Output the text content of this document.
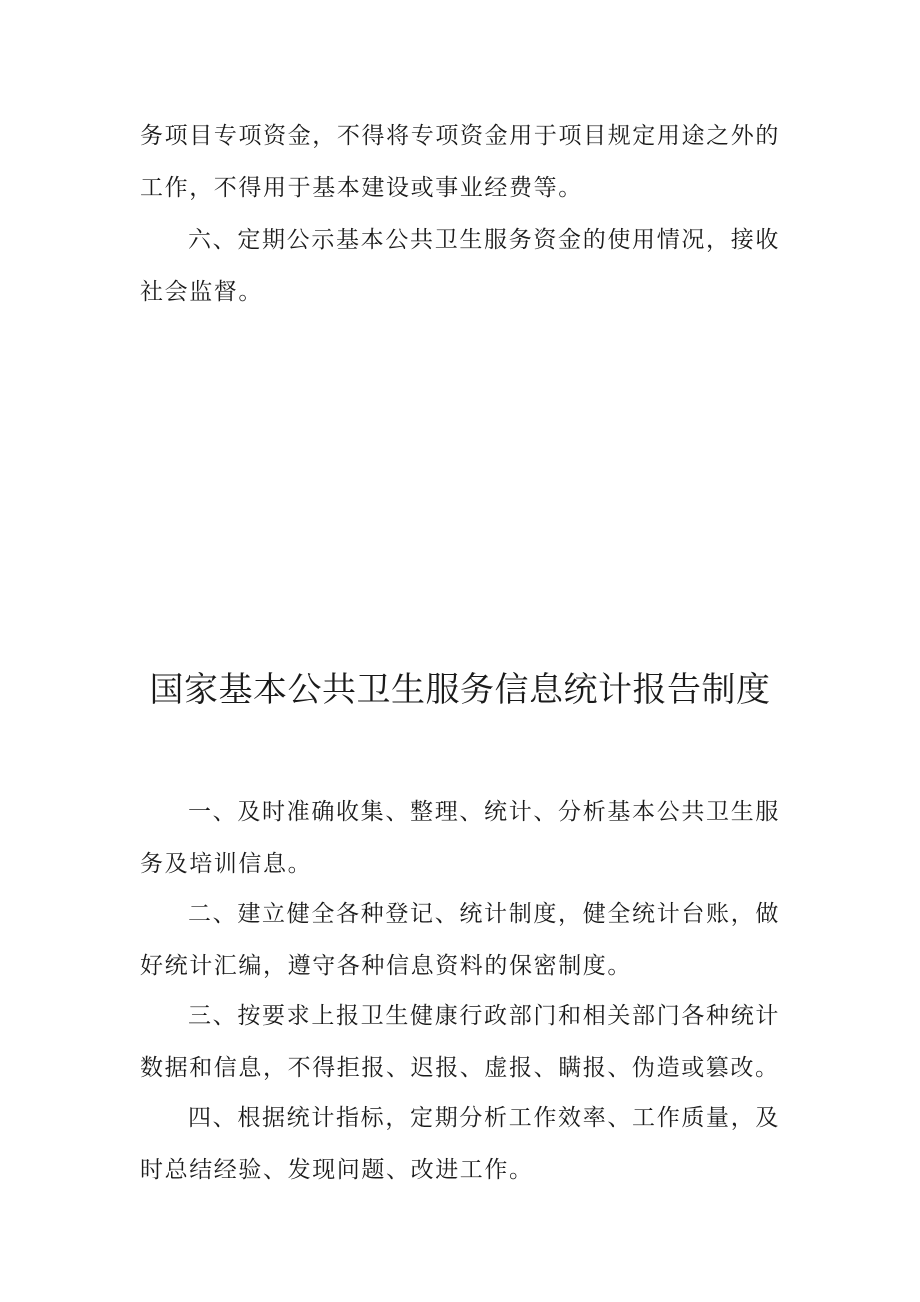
务项目专项资金，不得将专项资金用于项目规定用途之外的工作，不得用于基本建设或事业经费等。

六、定期公示基本公共卫生服务资金的使用情况，接收社会监督。

国家基本公共卫生服务信息统计报告制度

一、及时准确收集、整理、统计、分析基本公共卫生服务及培训信息。

二、建立健全各种登记、统计制度，健全统计台账，做好统计汇编，遵守各种信息资料的保密制度。

三、按要求上报卫生健康行政部门和相关部门各种统计数据和信息，不得拒报、迟报、虚报、瞒报、伪造或篡改。

四、根据统计指标，定期分析工作效率、工作质量，及时总结经验、发现问题、改进工作。
